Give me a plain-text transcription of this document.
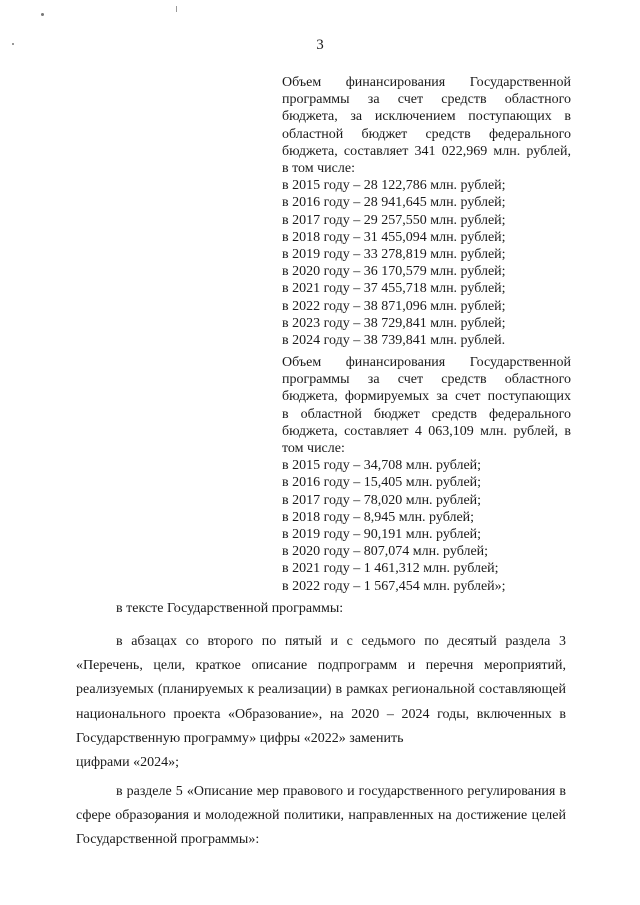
3

Объем финансирования Государственной

программы за счет средств областного

бюджета, за исключением поступающих в

областной бюджет средств федерального

бюджета, составляет 341 022,969 млн. рублей,

в том числе:

в 2015 году – 28 122,786 млн. рублей;

в 2016 году – 28 941,645 млн. рублей;

в 2017 году – 29 257,550 млн. рублей;

в 2018 году – 31 455,094 млн. рублей;

в 2019 году – 33 278,819 млн. рублей;

в 2020 году – 36 170,579 млн. рублей;

в 2021 году – 37 455,718 млн. рублей;

в 2022 году – 38 871,096 млн. рублей;

в 2023 году – 38 729,841 млн. рублей;

в 2024 году – 38 739,841 млн. рублей.

Объем финансирования Государственной

программы за счет средств областного

бюджета, формируемых за счет поступающих

в областной бюджет средств федерального

бюджета, составляет 4 063,109 млн. рублей, в

том числе:

в 2015 году – 34,708 млн. рублей;

в 2016 году – 15,405 млн. рублей;

в 2017 году – 78,020 млн. рублей;

в 2018 году – 8,945 млн. рублей;

в 2019 году – 90,191 млн. рублей;

в 2020 году – 807,074 млн. рублей;

в 2021 году – 1 461,312 млн. рублей;

в 2022 году – 1 567,454 млн. рублей»;

в тексте Государственной программы:

в абзацах со второго по пятый и с седьмого по десятый раздела 3 «Перечень, цели, краткое описание подпрограмм и перечня мероприятий, реализуемых (планируемых к реализации) в рамках региональной составляющей национального проекта «Образование», на 2020 – 2024 годы, включенных в Государственную программу» цифры «2022» заменить

цифрами «2024»;

в разделе 5 «Описание мер правового и государственного регулирования в сфере образования и молодежной политики, направленных на достижение целей Государственной программы»:
